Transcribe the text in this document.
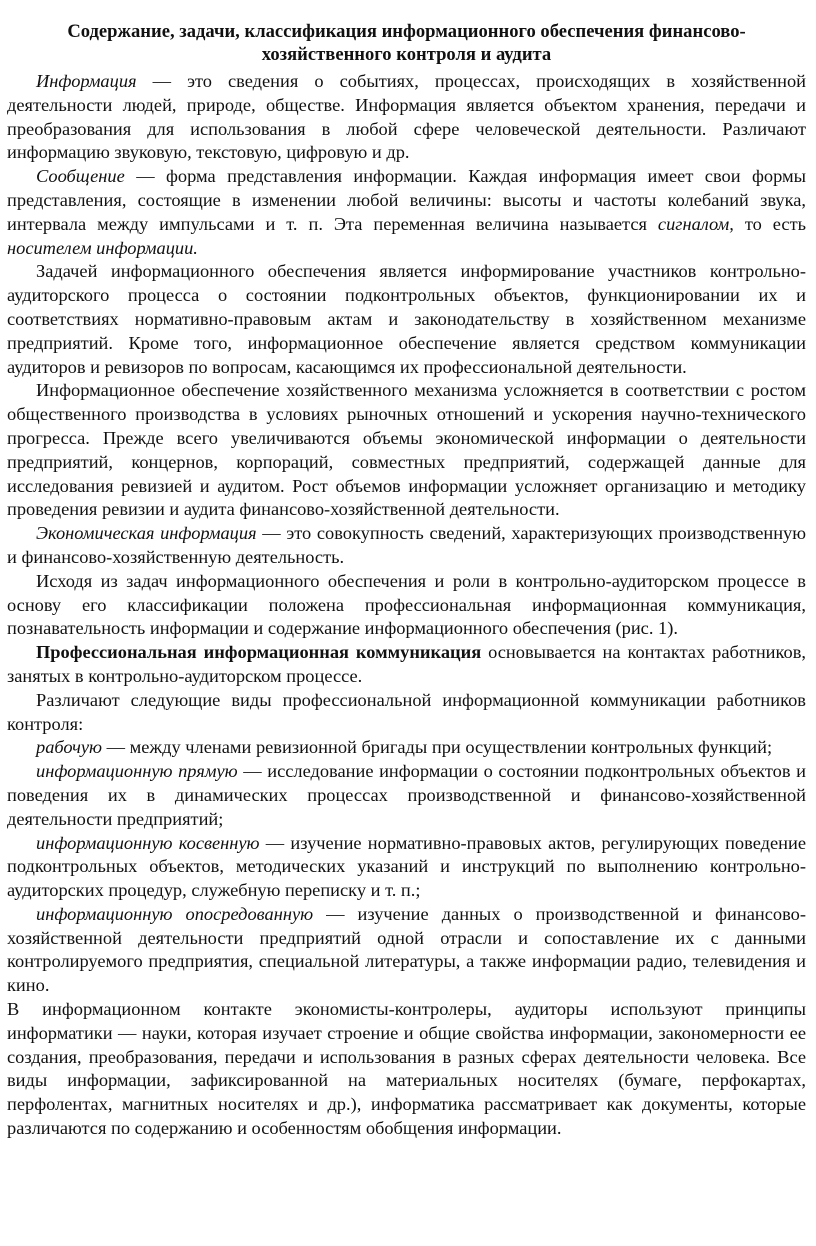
Содержание, задачи, классификация информационного обеспечения финансово-хозяйственного контроля и аудита

Информация — это сведения о событиях, процессах, происходящих в хозяйственной деятельности людей, природе, обществе. Информация является объектом хранения, передачи и преобразования для использования в любой сфере человеческой деятельности. Различают информацию звуковую, текстовую, цифровую и др.

Сообщение — форма представления информации. Каждая информация имеет свои формы представления, состоящие в изменении любой величины: высоты и частоты колебаний звука, интервала между импульсами и т. п. Эта переменная величина называется сигналом, то есть носителем информации.

Задачей информационного обеспечения является информирование участников контрольно-аудиторского процесса о состоянии подконтрольных объектов, функционировании их и соответствиях нормативно-правовым актам и законодательству в хозяйственном механизме предприятий. Кроме того, информационное обеспечение является средством коммуникации аудиторов и ревизоров по вопросам, касающимся их профессиональной деятельности.

Информационное обеспечение хозяйственного механизма усложняется в соответствии с ростом общественного производства в условиях рыночных отношений и ускорения научно-технического прогресса. Прежде всего увеличиваются объемы экономической информации о деятельности предприятий, концернов, корпораций, совместных предприятий, содержащей данные для исследования ревизией и аудитом. Рост объемов информации усложняет организацию и методику проведения ревизии и аудита финансово-хозяйственной деятельности.

Экономическая информация — это совокупность сведений, характеризующих производственную и финансово-хозяйственную деятельность.

Исходя из задач информационного обеспечения и роли в контрольно-аудиторском процессе в основу его классификации положена профессиональная информационная коммуникация, познавательность информации и содержание информационного обеспечения (рис. 1).

Профессиональная информационная коммуникация основывается на контактах работников, занятых в контрольно-аудиторском процессе.

Различают следующие виды профессиональной информационной коммуникации работников контроля:

рабочую — между членами ревизионной бригады при осуществлении контрольных функций;

информационную прямую — исследование информации о состоянии подконтрольных объектов и поведения их в динамических процессах производственной и финансово-хозяйственной деятельности предприятий;

информационную косвенную — изучение нормативно-правовых актов, регулирующих поведение подконтрольных объектов, методических указаний и инструкций по выполнению контрольно-аудиторских процедур, служебную переписку и т. п.;

информационную опосредованную — изучение данных о производственной и финансово-хозяйственной деятельности предприятий одной отрасли и сопоставление их с данными контролируемого предприятия, специальной литературы, а также информации радио, телевидения и кино.

В информационном контакте экономисты-контролеры, аудиторы используют принципы информатики — науки, которая изучает строение и общие свойства информации, закономерности ее создания, преобразования, передачи и использования в разных сферах деятельности человека. Все виды информации, зафиксированной на материальных носителях (бумаге, перфокартах, перфолентах, магнитных носителях и др.), информатика рассматривает как документы, которые различаются по содержанию и особенностям обобщения информации.
